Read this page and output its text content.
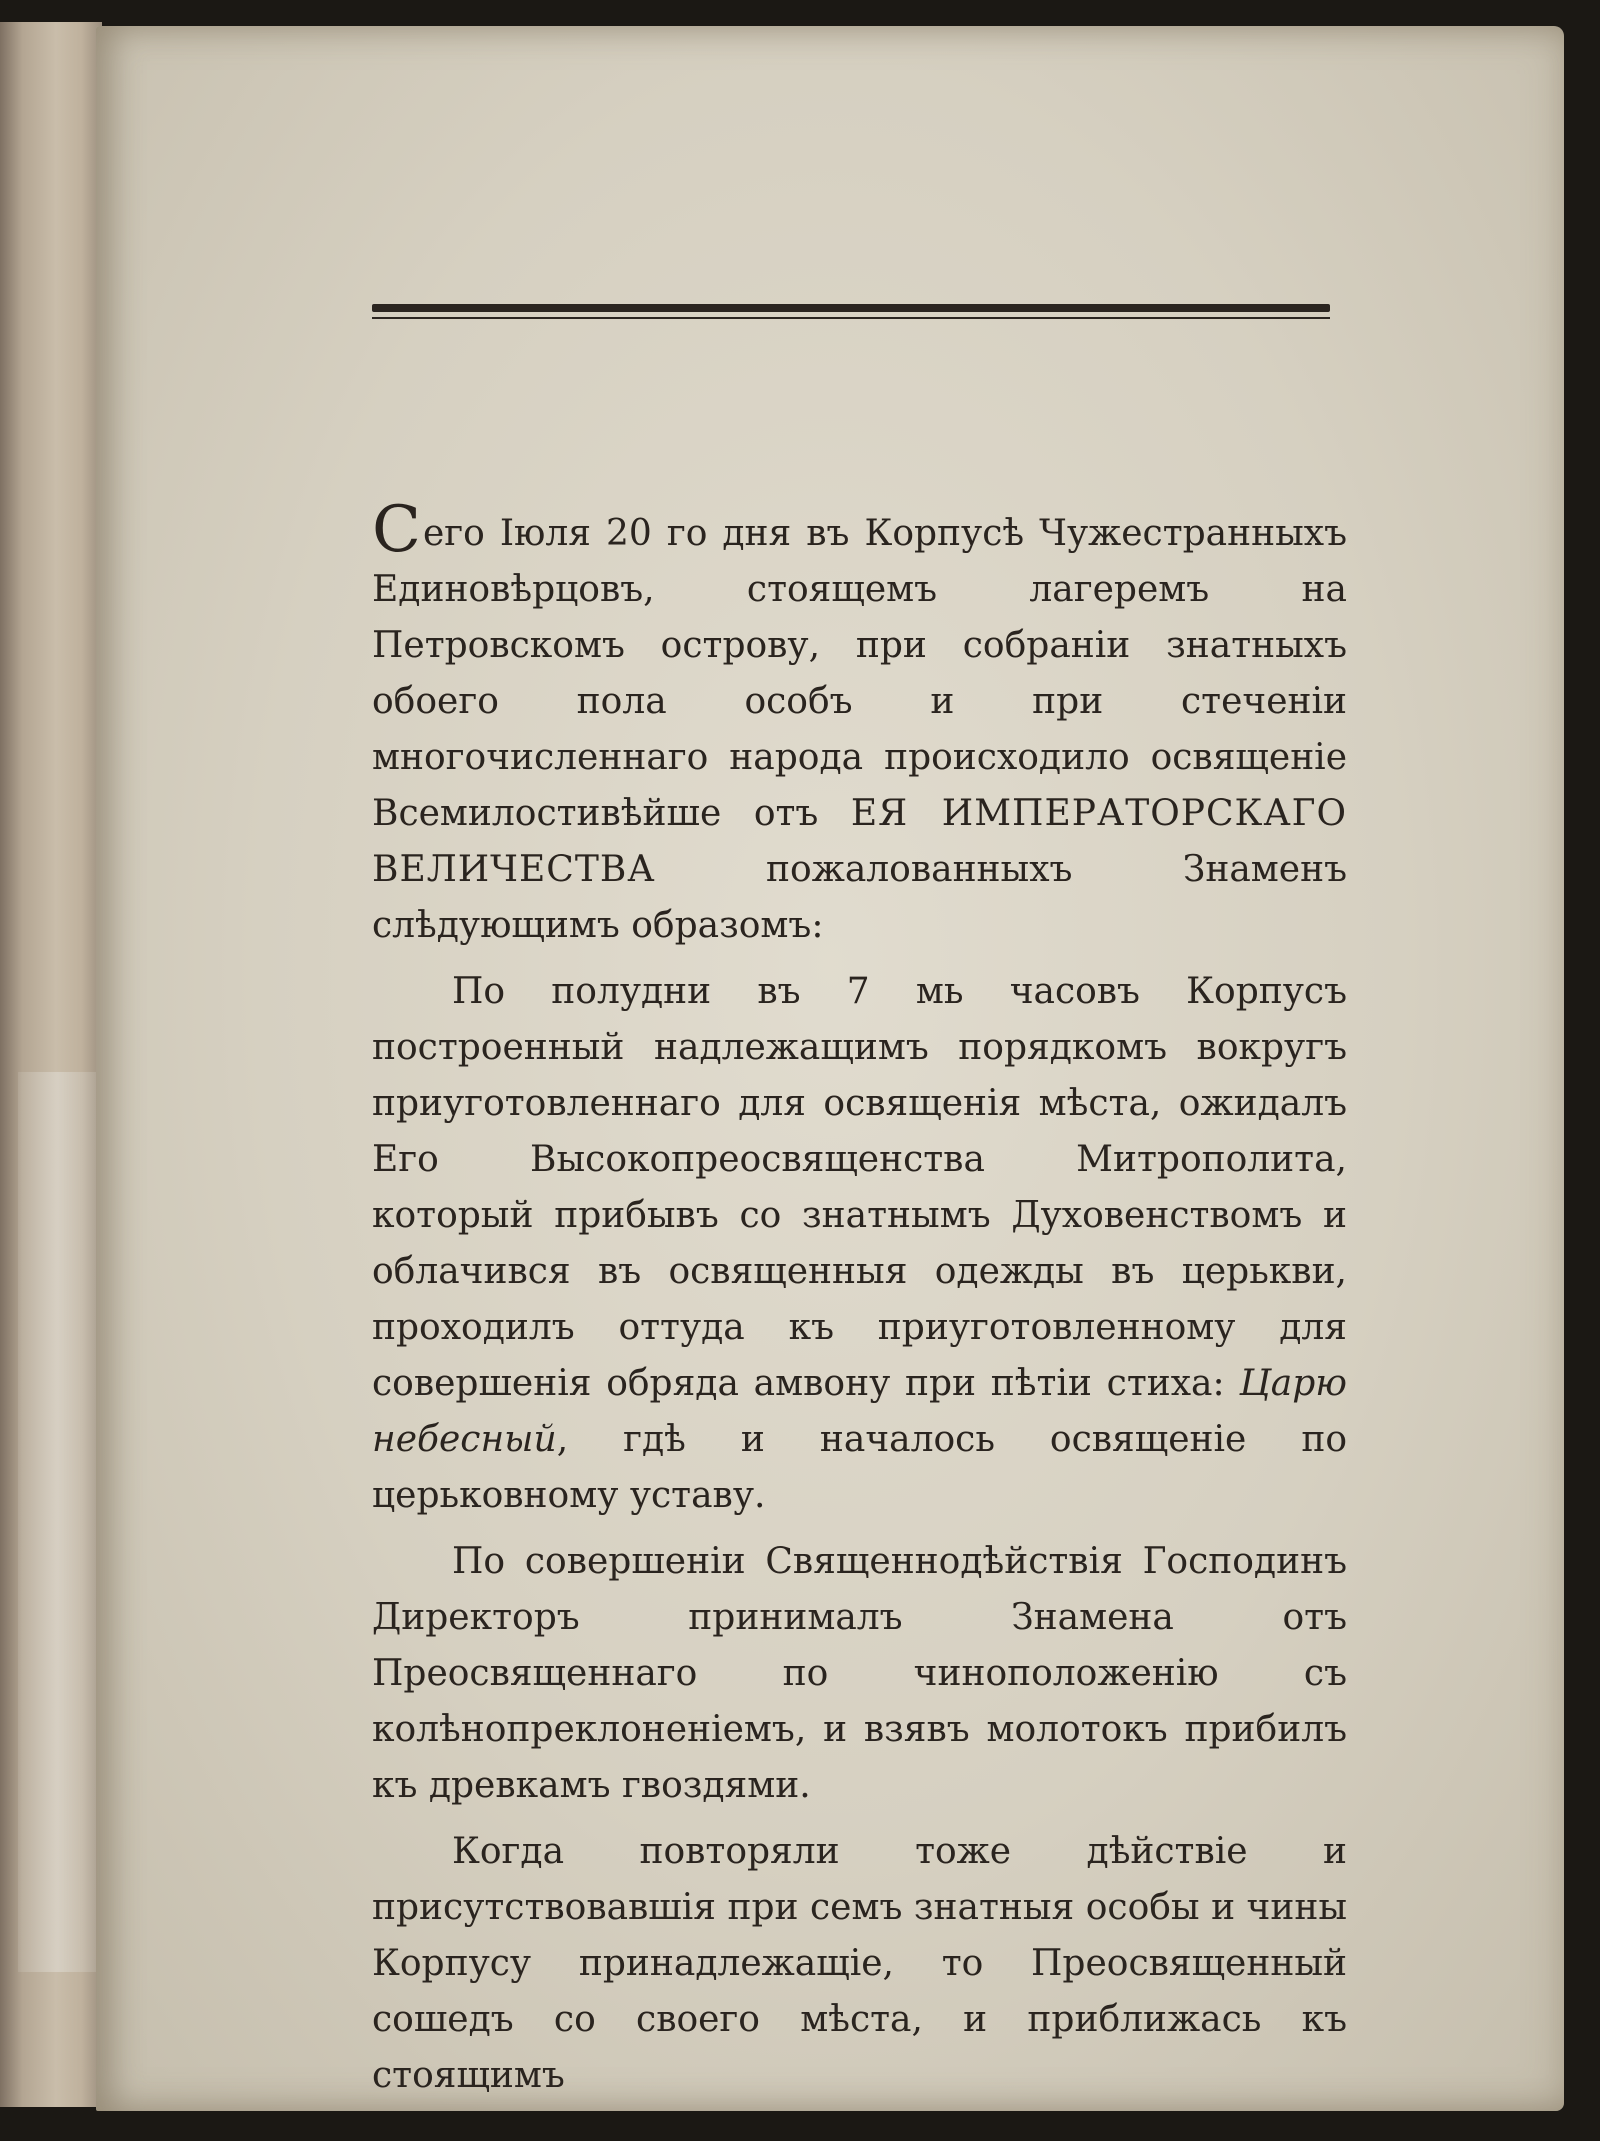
Сего Іюля 20 го дня въ Корпусѣ Чужестранныхъ Единовѣрцовъ, стоящемъ лагеремъ на Петровскомъ острову, при собраніи знатныхъ обоего пола особъ и при стеченіи многочисленнаго народа происходило освященіе Всемилостивѣйше отъ ЕЯ ИМПЕРАТОРСКАГО ВЕЛИЧЕСТВА пожалованныхъ Знаменъ слѣдующимъ образомъ:

По полудни въ 7 мь часовъ Корпусъ построенный надлежащимъ порядкомъ вокругъ приуготовленнаго для освященія мѣста, ожидалъ Его Высокопреосвященства Митрополита, который прибывъ со знатнымъ Духовенствомъ и облачився въ освященныя одежды въ церькви, проходилъ оттуда къ приуготовленному для совершенія обряда амвону при пѣтіи стиха: Царю небесный, гдѣ и началось освященіе по церьковному уставу.

По совершеніи Священнодѣйствія Господинъ Директоръ принималъ Знамена отъ Преосвященнаго по чиноположенію съ колѣнопреклоненіемъ, и взявъ молотокъ прибилъ къ древкамъ гвоздями.

Когда повторяли тоже дѣйствіе и присутствовавшія при семъ знатныя особы и чины Корпусу принадлежащіе, то Преосвященный сошедъ со своего мѣста, и приближась къ стоящимъ
